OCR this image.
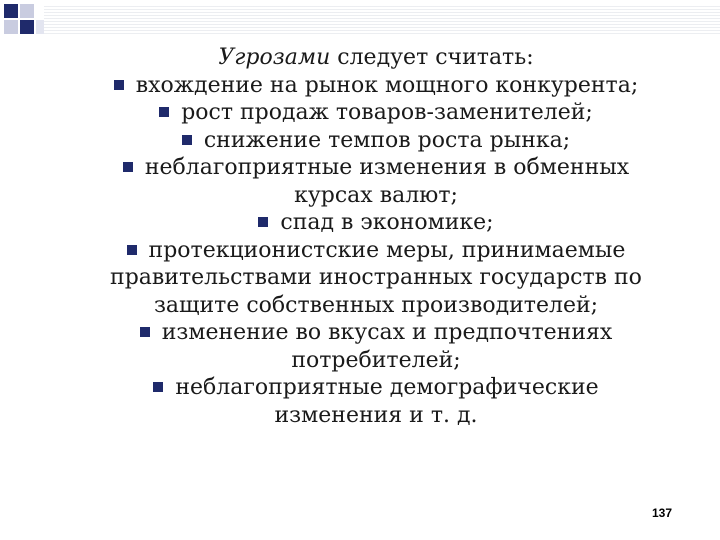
Угрозами следует считать:
вхождение на рынок мощного конкурента;
рост продаж товаров-заменителей;
снижение темпов роста рынка;
неблагоприятные изменения в обменных
курсах валют;
спад в экономике;
протекционистские меры, принимаемые
правительствами иностранных государств по
защите собственных производителей;
изменение во вкусах и предпочтениях
потребителей;
неблагоприятные демографические
изменения и т. д.
137
